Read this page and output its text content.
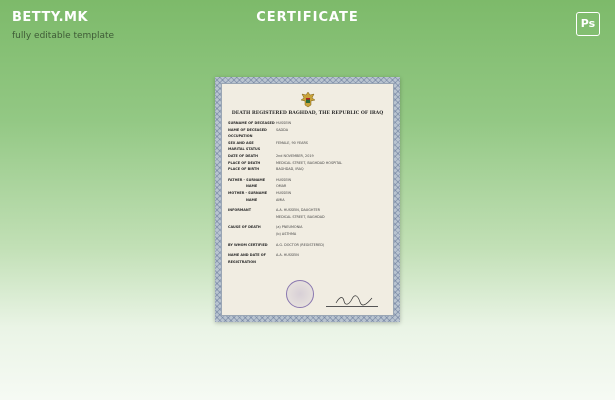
BETTY.MK
fully editable template
CERTIFICATE	Ps
DEATH REGISTERED BAGHDAD, THE REPUBLIC OF IRAQ
SURNAME OF DECEASED HUSSEIN
NAME OF DECEASED	SADDA
OCCUPATION
SEX AND AGE	FEMALE, 90 YEARS
MARITAL STATUS
DATE OF DEATH	2nd NOVEMBER, 2019
PLACE OF DEATH	MEDICAL STREET, BAGHDAD HOSPITAL
PLACE OF BIRTH	BAGHDAD, IRAQ
FATHER - SURNAME	HUSSEIN
NAME	OMAR
MOTHER - SURNAME	HUSSEIN
NAME	AMIA
INFORMANT	A.A. HUSSEIN, DAUGHTER
MEDICAL STREET, BAGHDAD
CAUSE OF DEATH	(a) PNEUMONIA
(b) ASTHMA
BY WHOM CERTIFIED	A.G. DOCTOR (REGISTERED)
NAME AND DATE OF REGISTRATION
A.A. HUSSEIN
